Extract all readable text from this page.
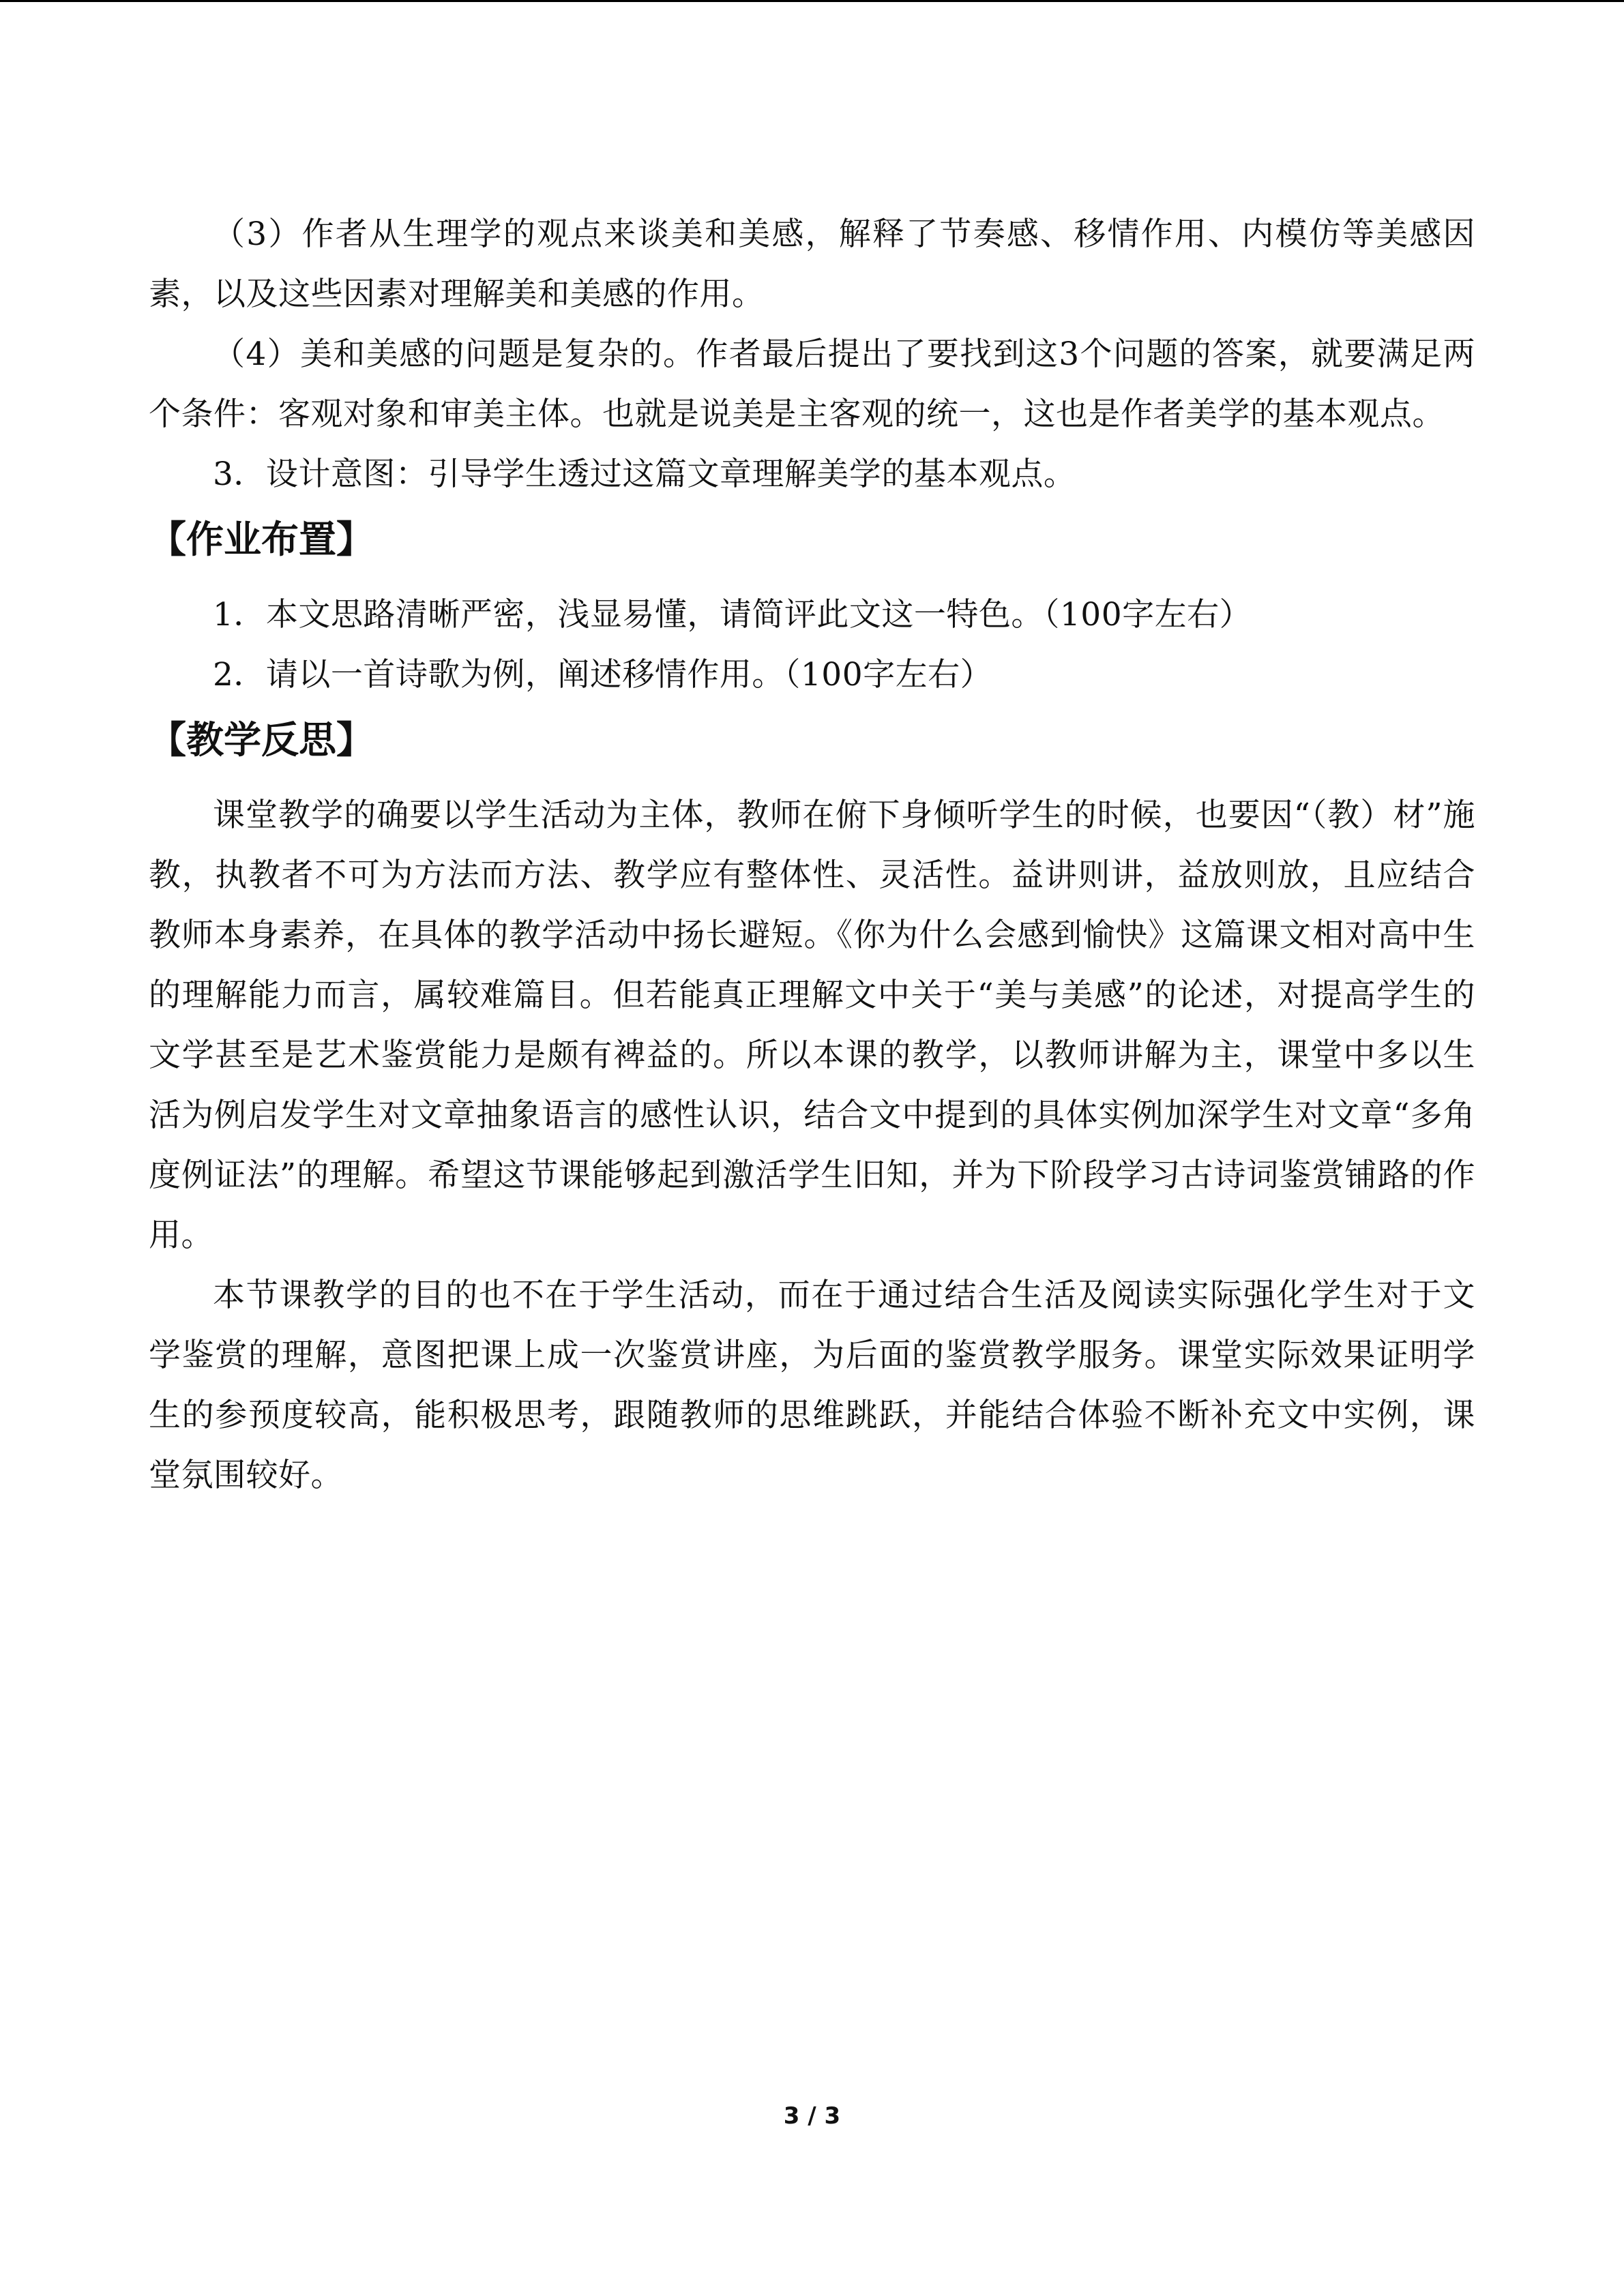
（3）作者从生理学的观点来谈美和美感，解释了节奏感、移情作用、内模仿等美感因素，以及这些因素对理解美和美感的作用。

（4）美和美感的问题是复杂的。作者最后提出了要找到这3个问题的答案，就要满足两个条件：客观对象和审美主体。也就是说美是主客观的统一，这也是作者美学的基本观点。

3．设计意图：引导学生透过这篇文章理解美学的基本观点。

【作业布置】

1．本文思路清晰严密，浅显易懂，请简评此文这一特色。（100字左右）

2．请以一首诗歌为例，阐述移情作用。（100字左右）

【教学反思】

课堂教学的确要以学生活动为主体，教师在俯下身倾听学生的时候，也要因“（教）材”施教，执教者不可为方法而方法、教学应有整体性、灵活性。益讲则讲，益放则放，且应结合教师本身素养，在具体的教学活动中扬长避短。《你为什么会感到愉快》这篇课文相对高中生的理解能力而言，属较难篇目。但若能真正理解文中关于“美与美感”的论述，对提高学生的文学甚至是艺术鉴赏能力是颇有裨益的。所以本课的教学，以教师讲解为主，课堂中多以生活为例启发学生对文章抽象语言的感性认识，结合文中提到的具体实例加深学生对文章“多角度例证法”的理解。希望这节课能够起到激活学生旧知，并为下阶段学习古诗词鉴赏铺路的作用。

本节课教学的目的也不在于学生活动，而在于通过结合生活及阅读实际强化学生对于文学鉴赏的理解，意图把课上成一次鉴赏讲座，为后面的鉴赏教学服务。课堂实际效果证明学生的参预度较高，能积极思考，跟随教师的思维跳跃，并能结合体验不断补充文中实例，课堂氛围较好。

3 / 3
